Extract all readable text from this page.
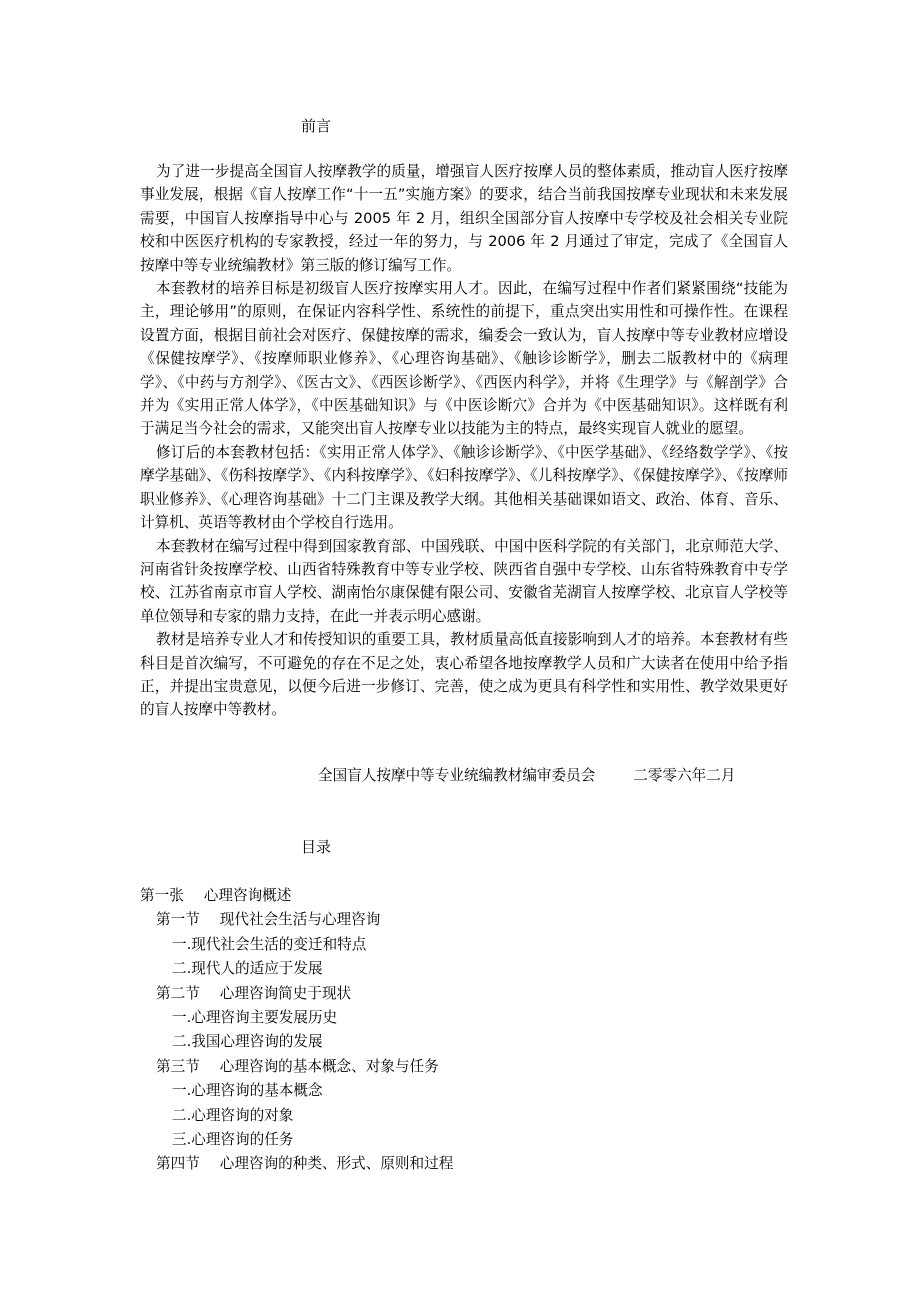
前言

为了进一步提高全国盲人按摩教学的质量，增强盲人医疗按摩人员的整体素质，推动盲人医疗按摩事业发展，根据《盲人按摩工作“十一五”实施方案》的要求，结合当前我国按摩专业现状和未来发展需要，中国盲人按摩指导中心与 2005 年 2 月，组织全国部分盲人按摩中专学校及社会相关专业院校和中医医疗机构的专家教授，经过一年的努力，与 2006 年 2 月通过了审定，完成了《全国盲人按摩中等专业统编教材》第三版的修订编写工作。

本套教材的培养目标是初级盲人医疗按摩实用人才。因此，在编写过程中作者们紧紧围绕“技能为主，理论够用”的原则，在保证内容科学性、系统性的前提下，重点突出实用性和可操作性。在课程设置方面，根据目前社会对医疗、保健按摩的需求，编委会一致认为，盲人按摩中等专业教材应增设《保健按摩学》、《按摩师职业修养》、《心理咨询基础》、《触诊诊断学》，删去二版教材中的《病理学》、《中药与方剂学》、《医古文》、《西医诊断学》、《西医内科学》，并将《生理学》与《解剖学》合并为《实用正常人体学》，《中医基础知识》与《中医诊断穴》合并为《中医基础知识》。这样既有利于满足当今社会的需求，又能突出盲人按摩专业以技能为主的特点，最终实现盲人就业的愿望。

修订后的本套教材包括：《实用正常人体学》、《触诊诊断学》、《中医学基础》、《经络数学学》、《按摩学基础》、《伤科按摩学》、《内科按摩学》、《妇科按摩学》、《儿科按摩学》、《保健按摩学》、《按摩师职业修养》、《心理咨询基础》十二门主课及教学大纲。其他相关基础课如语文、政治、体育、音乐、计算机、英语等教材由个学校自行选用。

本套教材在编写过程中得到国家教育部、中国残联、中国中医科学院的有关部门，北京师范大学、河南省针灸按摩学校、山西省特殊教育中等专业学校、陕西省自强中专学校、山东省特殊教育中专学校、江苏省南京市盲人学校、湖南怡尔康保健有限公司、安徽省芜湖盲人按摩学校、北京盲人学校等单位领导和专家的鼎力支持，在此一并表示明心感谢。

教材是培养专业人才和传授知识的重要工具，教材质量高低直接影响到人才的培养。本套教材有些科目是首次编写，不可避免的存在不足之处，衷心希望各地按摩教学人员和广大读者在使用中给予指正，并提出宝贵意见，以便今后进一步修订、完善，使之成为更具有科学性和实用性、教学效果更好的盲人按摩中等教材。

全国盲人按摩中等专业统编教材编审委员会	二零零六年二月
目录
第一张 心理咨询概述
第一节 现代社会生活与心理咨询
一.现代社会生活的变迁和特点
二.现代人的适应于发展
第二节 心理咨询简史于现状
一.心理咨询主要发展历史
二.我国心理咨询的发展
第三节 心理咨询的基本概念、对象与任务
一.心理咨询的基本概念
二.心理咨询的对象
三.心理咨询的任务
第四节 心理咨询的种类、形式、原则和过程
